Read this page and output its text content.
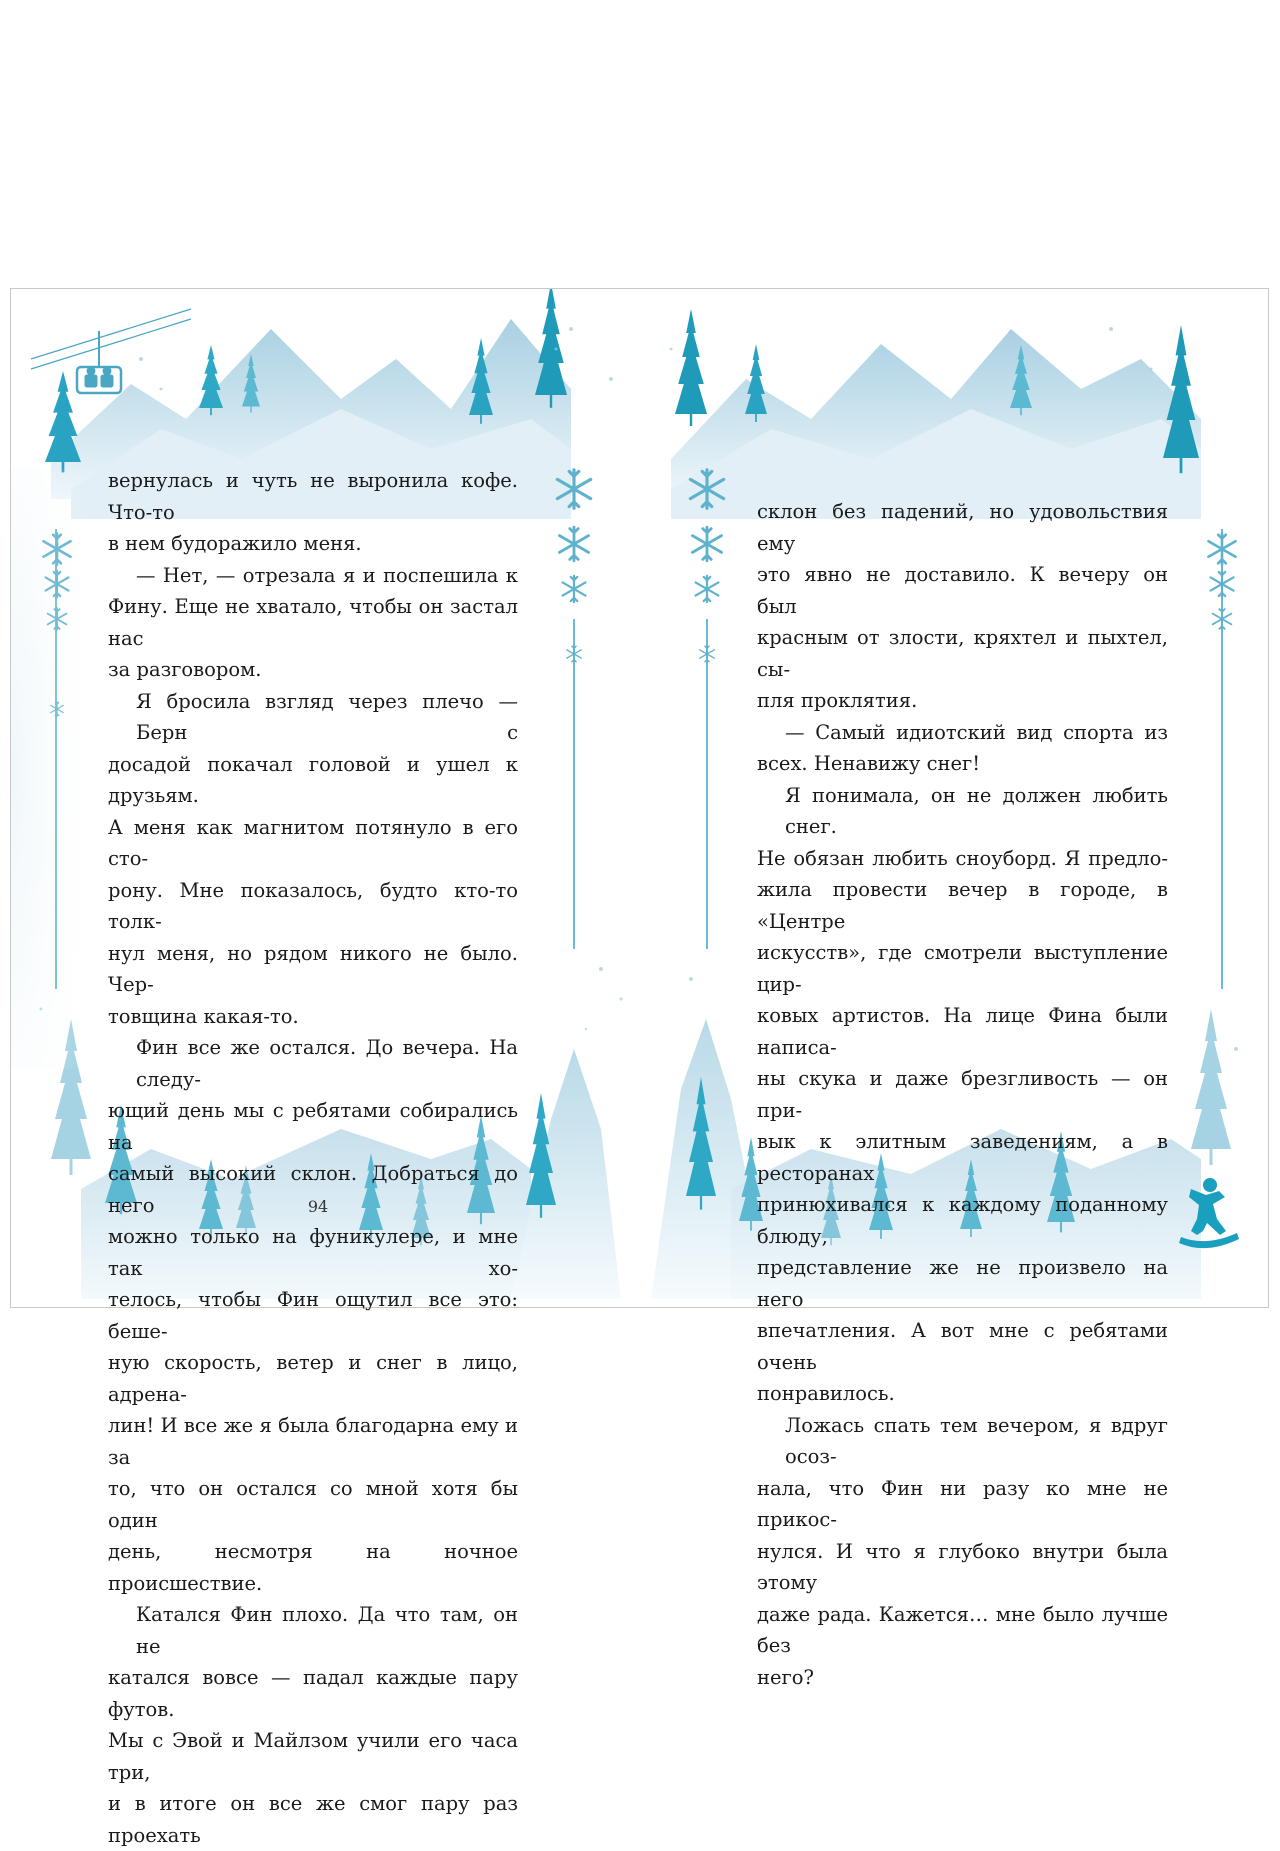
вернулась и чуть не выронила кофе. Что-то
в нем будоражило меня.
— Нет, — отрезала я и поспешила к
Фину. Еще не хватало, чтобы он застал нас
за разговором.
Я бросила взгляд через плечо — Берн с
досадой покачал головой и ушел к друзьям.
А меня как магнитом потянуло в его сто-
рону. Мне показалось, будто кто-то толк-
нул меня, но рядом никого не было. Чер-
товщина какая-то.
Фин все же остался. До вечера. На следу-
ющий день мы с ребятами собирались на
самый высокий склон. Добраться до него
можно только на фуникулере, и мне так хо-
телось, чтобы Фин ощутил все это: беше-
ную скорость, ветер и снег в лицо, адрена-
лин! И все же я была благодарна ему и за
то, что он остался со мной хотя бы один
день, несмотря на ночное происшествие.
Катался Фин плохо. Да что там, он не
катался вовсе — падал каждые пару футов.
Мы с Эвой и Майлзом учили его часа три,
и в итоге он все же смог пару раз проехать
94
склон без падений, но удовольствия ему
это явно не доставило. К вечеру он был
красным от злости, кряхтел и пыхтел, сы-
пля проклятия.
— Самый идиотский вид спорта из
всех. Ненавижу снег!
Я понимала, он не должен любить снег.
Не обязан любить сноуборд. Я предло-
жила провести вечер в городе, в «Центре
искусств», где смотрели выступление цир-
ковых артистов. На лице Фина были написа-
ны скука и даже брезгливость — он при-
вык к элитным заведениям, а в ресторанах
принюхивался к каждому поданному блюду,
представление же не произвело на него
впечатления. А вот мне с ребятами очень
понравилось.
Ложась спать тем вечером, я вдруг осоз-
нала, что Фин ни разу ко мне не прикос-
нулся. И что я глубоко внутри была этому
даже рада. Кажется… мне было лучше без
него?
